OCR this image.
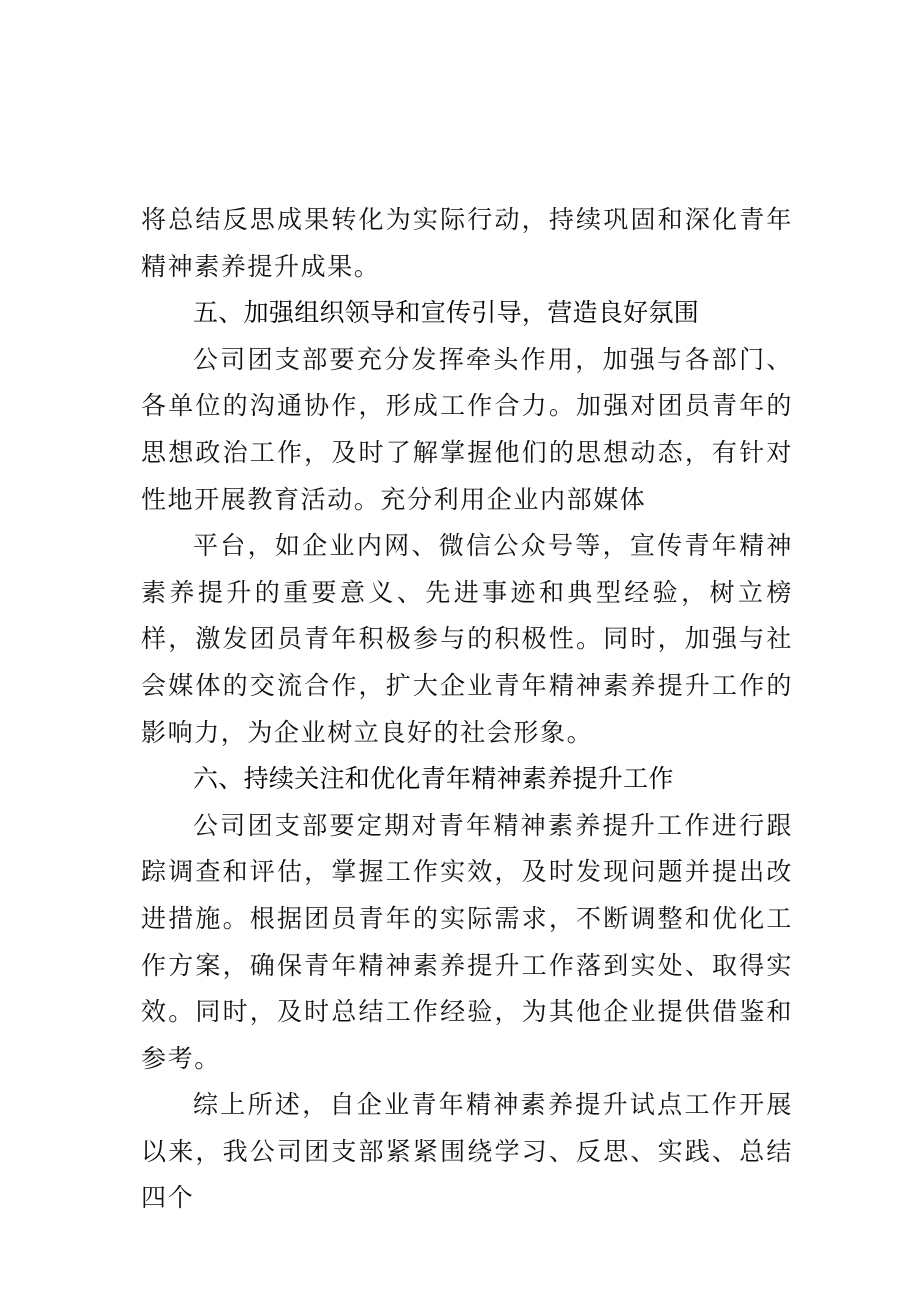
将总结反思成果转化为实际行动，持续巩固和深化青年精神素养提升成果。

五、加强组织领导和宣传引导，营造良好氛围

公司团支部要充分发挥牵头作用，加强与各部门、各单位的沟通协作，形成工作合力。加强对团员青年的思想政治工作，及时了解掌握他们的思想动态，有针对性地开展教育活动。充分利用企业内部媒体

平台，如企业内网、微信公众号等，宣传青年精神素养提升的重要意义、先进事迹和典型经验，树立榜样，激发团员青年积极参与的积极性。同时，加强与社会媒体的交流合作，扩大企业青年精神素养提升工作的影响力，为企业树立良好的社会形象。

六、持续关注和优化青年精神素养提升工作

公司团支部要定期对青年精神素养提升工作进行跟踪调查和评估，掌握工作实效，及时发现问题并提出改进措施。根据团员青年的实际需求，不断调整和优化工作方案，确保青年精神素养提升工作落到实处、取得实效。同时，及时总结工作经验，为其他企业提供借鉴和参考。

综上所述，自企业青年精神素养提升试点工作开展以来，我公司团支部紧紧围绕学习、反思、实践、总结四个
